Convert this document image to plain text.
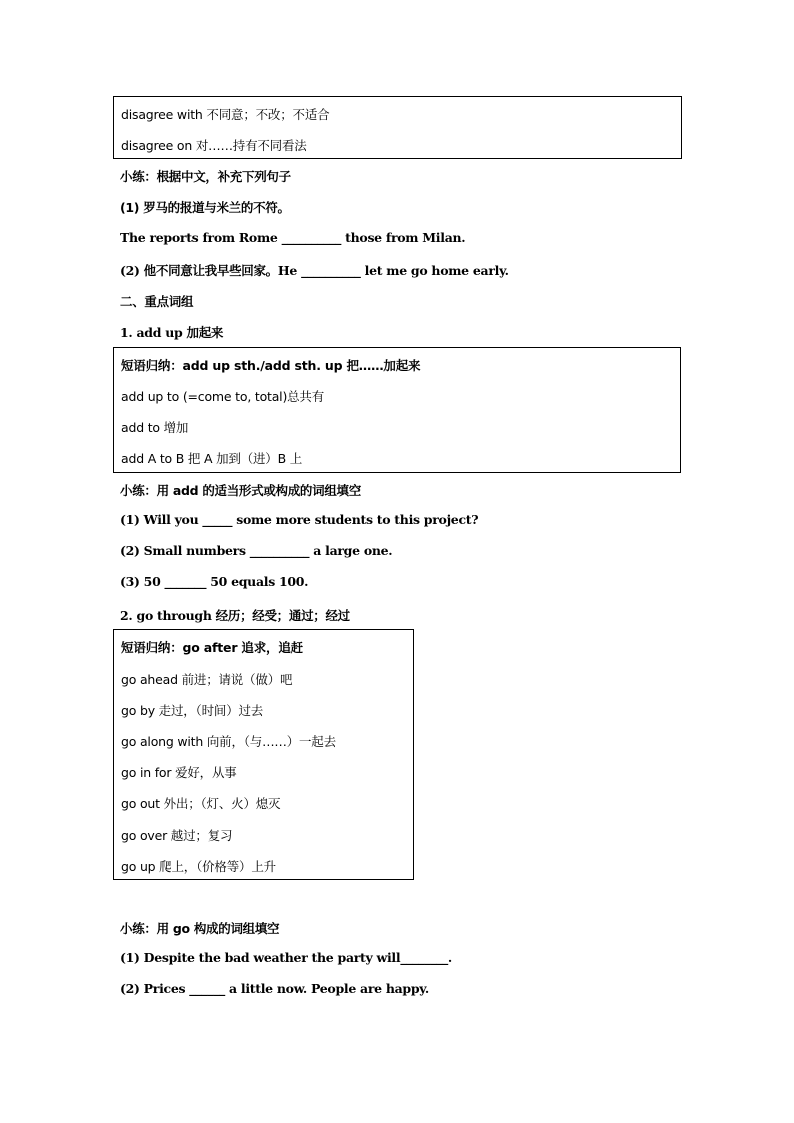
disagree with 不同意；不改；不适合
disagree on 对……持有不同看法
小练：根据中文，补充下列句子
(1) 罗马的报道与米兰的不符。
The reports from Rome __________ those from Milan.
(2) 他不同意让我早些回家。He __________ let me go home early.
二、重点词组
1. add up 加起来
短语归纳：add up sth./add sth. up 把……加起来
add up to (=come to, total)总共有
add to 增加
add A to B 把 A 加到（进）B 上
小练：用 add 的适当形式或构成的词组填空
(1) Will you _____ some more students to this project?
(2) Small numbers __________ a large one.
(3) 50 _______ 50 equals 100.
2. go through 经历；经受；通过；经过
短语归纳：go after 追求，追赶
go ahead 前进；请说（做）吧
go by 走过，（时间）过去
go along with 向前，（与……）一起去
go in for 爱好，从事
go out 外出；（灯、火）熄灭
go over 越过；复习
go up 爬上，（价格等）上升
小练：用 go 构成的词组填空
(1) Despite the bad weather the party will________.
(2) Prices ______ a little now. People are happy.
